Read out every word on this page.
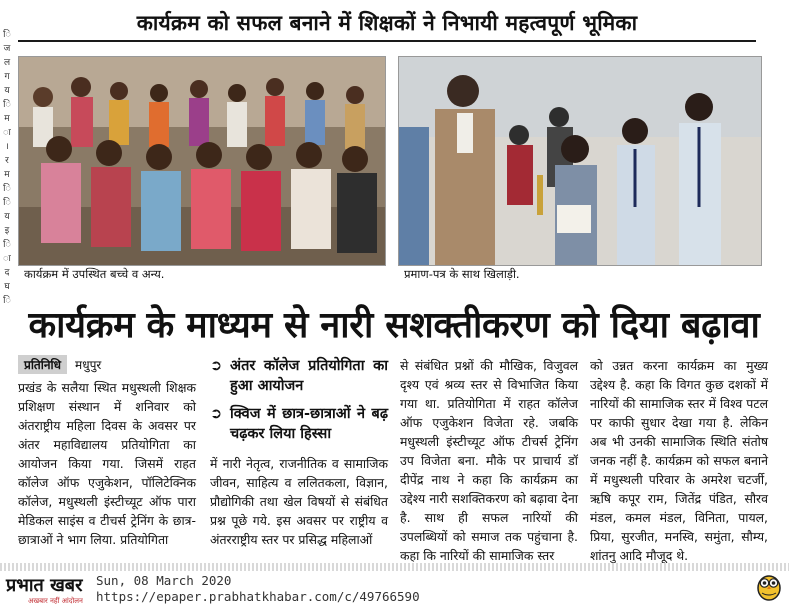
ि
ज
ल
ग
य
ि
म
ा
।
र
म
ि
ि
य
इ
ि
ा
द
घ
ि
कार्यक्रम को सफल बनाने में शिक्षकों ने निभायी महत्वपूर्ण भूमिका
कार्यक्रम में उपस्थित बच्चे व अन्य.	प्रमाण-पत्र के साथ खिलाड़ी.
कार्यक्रम के माध्यम से नारी सशक्तीकरण को दिया बढ़ावा
प्रतिनिधि	मधुपुर
प्रखंड के सलैया स्थित मधुस्थली शिक्षक प्रशिक्षण संस्थान में शनिवार को अंतराष्ट्रीय महिला दिवस के अवसर पर अंतर महाविद्यालय प्रतियोगिता का आयोजन किया गया. जिसमें राहत कॉलेज ऑफ एजुकेशन, पॉलिटेक्निक कॉलेज, मधुस्थली इंस्टीच्यूट ऑफ पारा मेडिकल साइंस व टीचर्स ट्रेनिंग के छात्र-छात्राओं ने भाग लिया. प्रतियोगिता
➲ अंतर कॉलेज प्रतियोगिता का हुआ आयोजन
➲ क्विज में छात्र-छात्राओं ने बढ़ चढ़कर लिया हिस्सा
में नारी नेतृत्व, राजनीतिक व सामाजिक जीवन, साहित्य व ललितकला, विज्ञान, प्रौद्योगिकी तथा खेल विषयों से संबंधित प्रश्न पूछे गये. इस अवसर पर राष्ट्रीय व अंतरराष्ट्रीय स्तर पर प्रसिद्ध महिलाओं
से संबंधित प्रश्नों की मौखिक, विजुवल दृश्य एवं श्रव्य स्तर से विभाजित किया गया था. प्रतियोगिता में राहत कॉलेज ऑफ एजुकेशन विजेता रहे. जबकि मधुस्थली इंस्टीच्यूट ऑफ टीचर्स ट्रेनिंग उप विजेता बना. मौके पर प्राचार्य डॉ दीपेंद्र नाथ ने कहा कि कार्यक्रम का उद्देश्य नारी सशक्तिकरण को बढ़ावा देना है. साथ ही सफल नारियों की उपलब्धियों को समाज तक पहुंचाना है. कहा कि नारियों की सामाजिक स्तर
को उन्नत करना कार्यक्रम का मुख्य उद्देश्य है. कहा कि विगत कुछ दशकों में नारियों की सामाजिक स्तर में विश्व पटल पर काफी सुधार देखा गया है. लेकिन अब भी उनकी सामाजिक स्थिति संतोष जनक नहीं है. कार्यक्रम को सफल बनाने में मधुस्थली परिवार के अमरेश चटर्जी, ऋषि कपूर राम, जितेंद्र पंडित, सौरव मंडल, कमल मंडल, विनिता, पायल, प्रिया, सुरजीत, मनस्वि, समुंता, सौम्य, शांतनु आदि मौजूद थे.
प्रभात खबर
अखबार नहीं आंदोलन
Sun, 08 March 2020
https://epaper.prabhatkhabar.com/c/49766590
